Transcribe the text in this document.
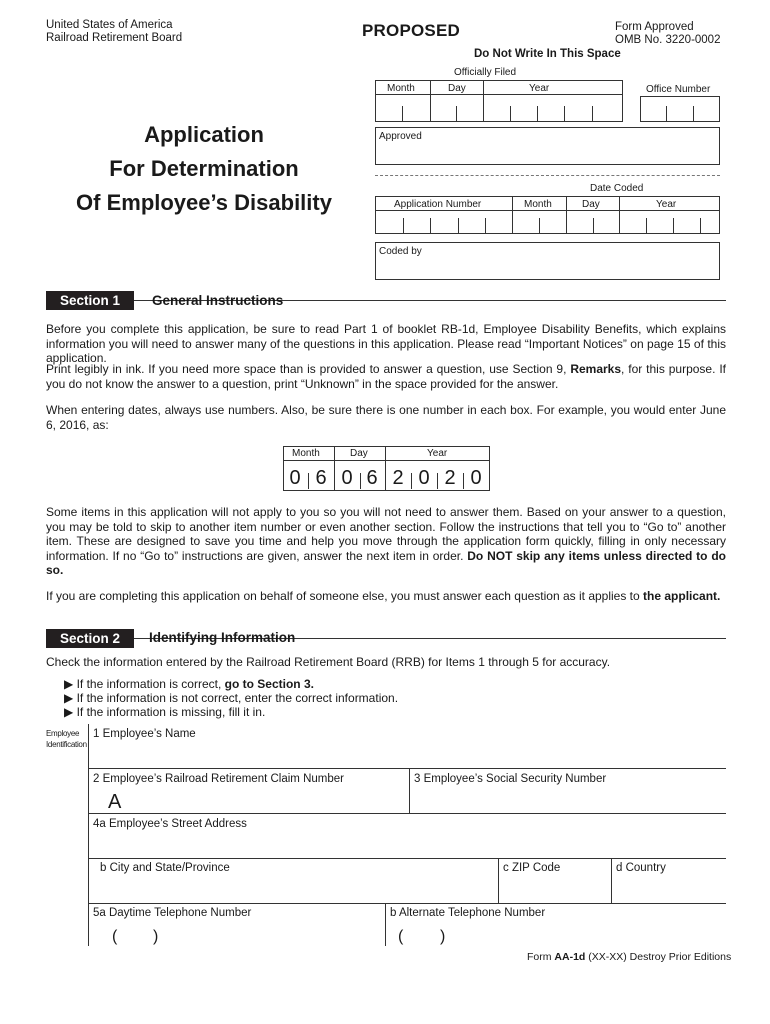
United States of America
Railroad Retirement Board	PROPOSED	Form Approved
OMB No. 3220-0002
Do Not Write In This Space
Officially Filed
Month	Day	Year	Office Number
Approved
Date Coded
Application Number	Month	Day	Year
Coded by
Application
For Determination
Of Employee’s Disability
Section 1	General Instructions
Before you complete this application, be sure to read Part 1 of booklet RB-1d, Employee Disability Benefits, which explains information you will need to answer many of the questions in this application. Please read “Important Notices” on page 15 of this application.
Print legibly in ink. If you need more space than is provided to answer a question, use Section 9, Remarks, for this purpose. If you do not know the answer to a question, print “Unknown” in the space provided for the answer.
When entering dates, always use numbers. Also, be sure there is one number in each box. For example, you would enter June 6, 2016, as:
Month	Day	Year
0 6 0 6 2 0 2 0
Some items in this application will not apply to you so you will not need to answer them. Based on your answer to a question, you may be told to skip to another item number or even another section. Follow the instructions that tell you to “Go to” another item. These are designed to save you time and help you move through the application form quickly, filling in only necessary information. If no “Go to” instructions are given, answer the next item in order. Do NOT skip any items unless directed to do so.
If you are completing this application on behalf of someone else, you must answer each question as it applies to the applicant.
Section 2	Identifying Information
Check the information entered by the Railroad Retirement Board (RRB) for Items 1 through 5 for accuracy.
▶ If the information is correct, go to Section 3.
▶ If the information is not correct, enter the correct information.
▶ If the information is missing, fill it in.
Employee
Identification
1 Employee’s Name
2 Employee’s Railroad Retirement Claim Number
A
3 Employee’s Social Security Number
4a Employee’s Street Address
b City and State/Province	c ZIP Code	d Country
5a Daytime Telephone Number
( )
b Alternate Telephone Number
( )
Form AA-1d (XX-XX) Destroy Prior Editions
